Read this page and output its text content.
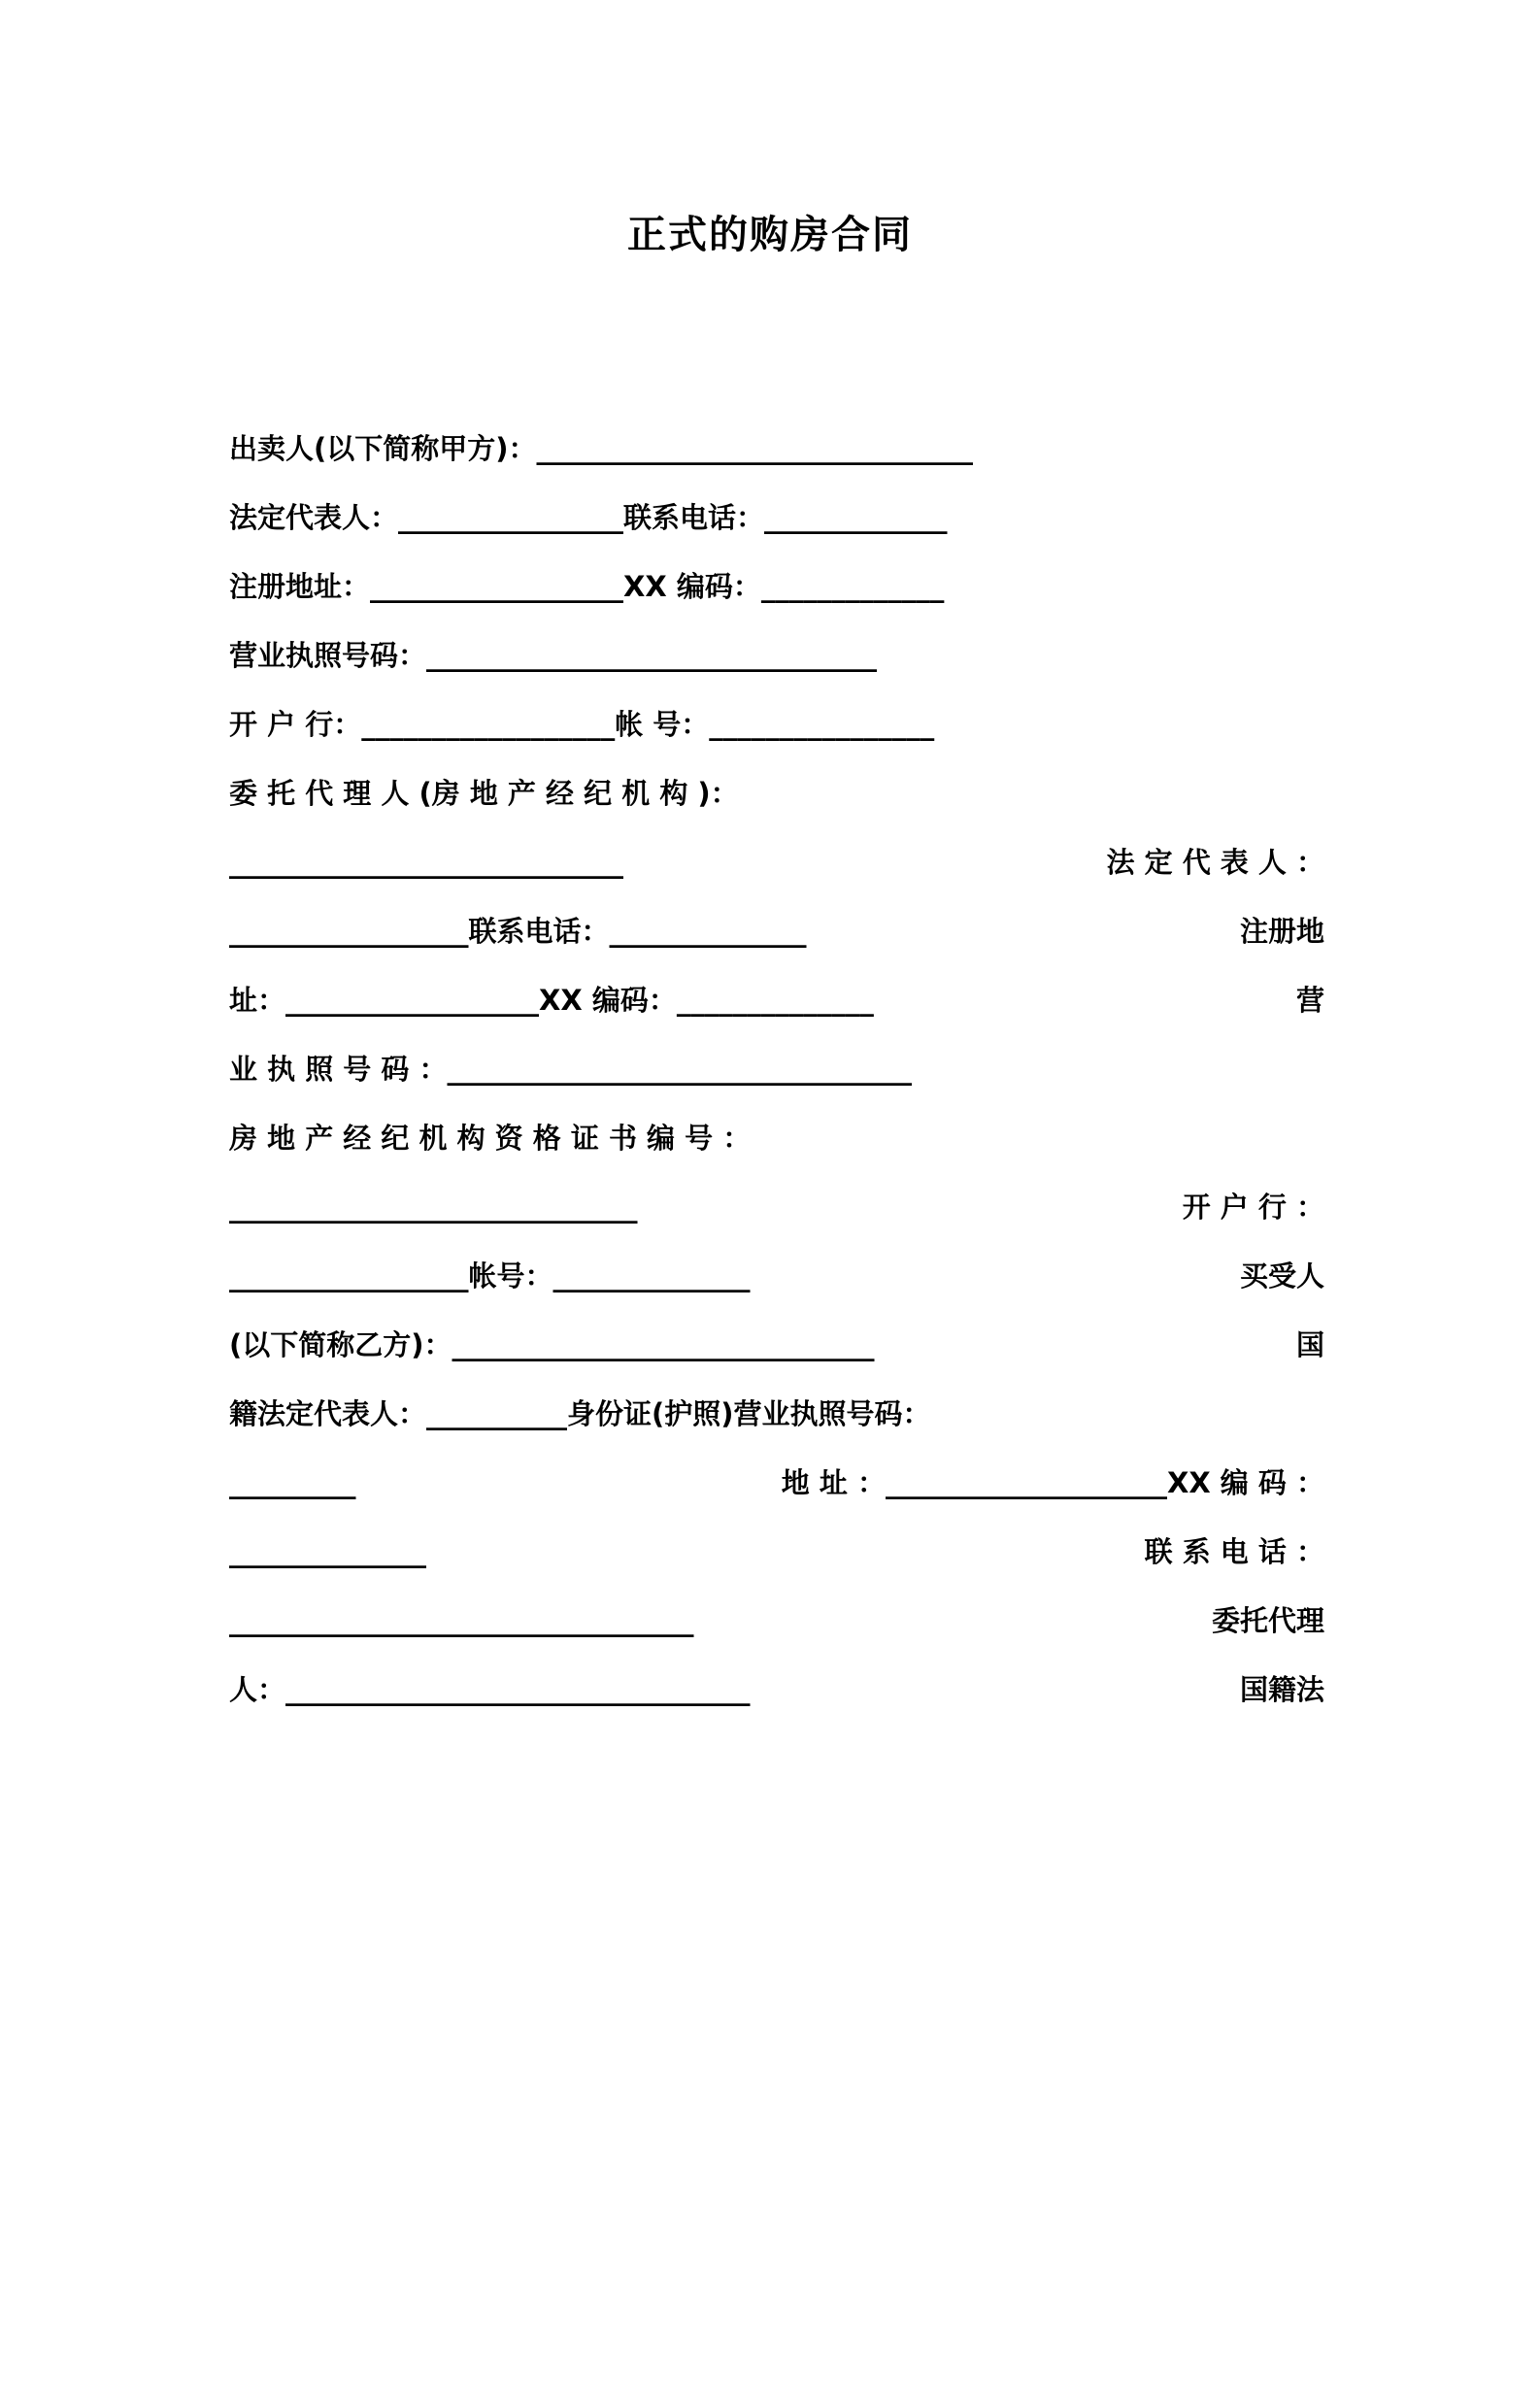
正式的购房合同
出卖人(以下简称甲方)：_______________________________
法定代表人：________________联系电话：_____________
注册地址：__________________XX 编码：_____________
营业执照号码：________________________________
开 户 行：__________________帐 号：________________
委 托 代 理 人 (房 地 产 经 纪 机 构 )：
____________________________	法 定 代 表 人 ：
_________________联系电话：______________	注册地
址：__________________XX 编码：______________	营
业 执 照 号 码 ：_________________________________
房 地 产 经 纪 机 构 资 格 证 书 编 号 ：
_____________________________	开 户 行 ：
_________________帐号：______________	买受人
(以下简称乙方)：______________________________	国
籍法定代表人：__________身份证(护照)营业执照号码：
_________	地 址 ：____________________XX 编 码 ：
______________	联 系 电 话 ：
_________________________________	委托代理
人：_________________________________	国籍法
